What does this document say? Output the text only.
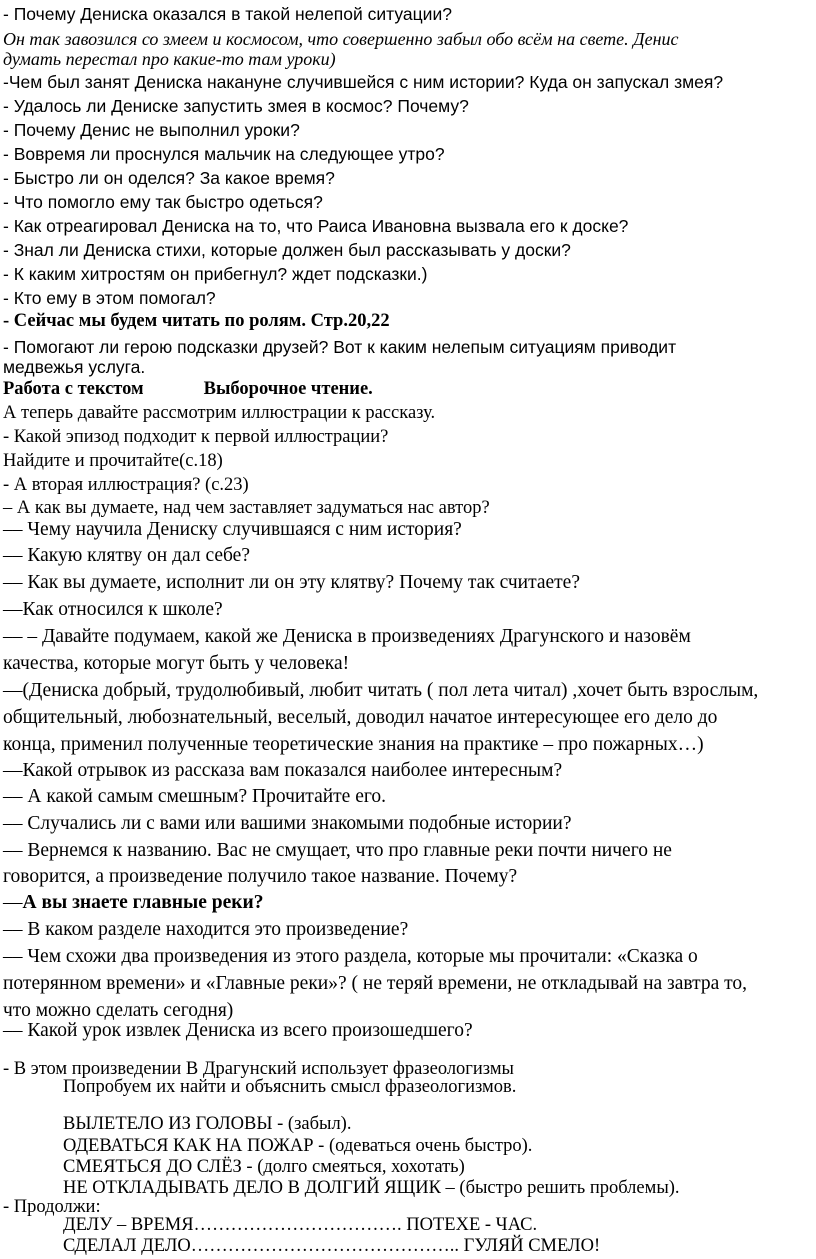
- Почему Дениска оказался в такой нелепой ситуации?
Он так завозился со змеем и космосом, что совершенно забыл обо всём на свете. Денис
думать перестал про какие-то там уроки)
-Чем был занят Дениска накануне случившейся с ним истории? Куда он запускал змея?
- Удалось ли Дениске запустить змея в космос? Почему?
- Почему Денис не выполнил уроки?
- Вовремя ли проснулся мальчик на следующее утро?
- Быстро ли он оделся? За какое время?
- Что помогло ему так быстро одеться?
- Как отреагировал Дениска на то, что Раиса Ивановна вызвала его к доске?
- Знал ли Дениска стихи, которые должен был рассказывать у доски?
- К каким хитростям он прибегнул? ждет подсказки.)
- Кто ему в этом помогал?
- Сейчас мы будем читать по ролям. Стр.20,22
- Помогают ли герою подсказки друзей? Вот к каким нелепым ситуациям приводит
медвежья услуга.
Работа с текстом	Выборочное чтение.
А теперь давайте рассмотрим иллюстрации к рассказу.
- Какой эпизод подходит к первой иллюстрации?
Найдите и прочитайте(с.18)
- А вторая иллюстрация? (с.23)
– А как вы думаете, над чем заставляет задуматься нас автор?
–– Чему научила Дениску случившаяся с ним история?
–– Какую клятву он дал себе?
–– Как вы думаете, исполнит ли он эту клятву? Почему так считаете?
—Как относился к школе?
–– – Давайте подумаем, какой же Дениска в произведениях Драгунского и назовём
качества, которые могут быть у человека!
—(Дениска добрый, трудолюбивый, любит читать ( пол лета читал) ,хочет быть взрослым,
общительный, любознательный, веселый, доводил начатое интересующее его дело до
конца, применил полученные теоретические знания на практике – про пожарных…)
—Какой отрывок из рассказа вам показался наиболее интересным?
–– А какой самым смешным? Прочитайте его.
–– Случались ли с вами или вашими знакомыми подобные истории?
–– Вернемся к названию. Вас не смущает, что про главные реки почти ничего не
говорится, а произведение получило такое название. Почему?
—А вы знаете главные реки?
–– В каком разделе находится это произведение?
–– Чем схожи два произведения из этого раздела, которые мы прочитали: «Сказка о
потерянном времени» и «Главные реки»? ( не теряй времени, не откладывай на завтра то,
что можно сделать сегодня)
–– Какой урок извлек Дениска из всего произошедшего?
- В этом произведении В Драгунский использует фразеологизмы
Попробуем их найти и объяснить смысл фразеологизмов.
ВЫЛЕТЕЛО ИЗ ГОЛОВЫ - (забыл).
ОДЕВАТЬСЯ КАК НА ПОЖАР - (одеваться очень быстро).
СМЕЯТЬСЯ ДО СЛЁЗ - (долго смеяться, хохотать)
НЕ ОТКЛАДЫВАТЬ ДЕЛО В ДОЛГИЙ ЯЩИК – (быстро решить проблемы).
- Продолжи:
ДЕЛУ – ВРЕМЯ……………………………. ПОТЕХЕ - ЧАС.
СДЕЛАЛ ДЕЛО…………………………………….. ГУЛЯЙ СМЕЛО!
